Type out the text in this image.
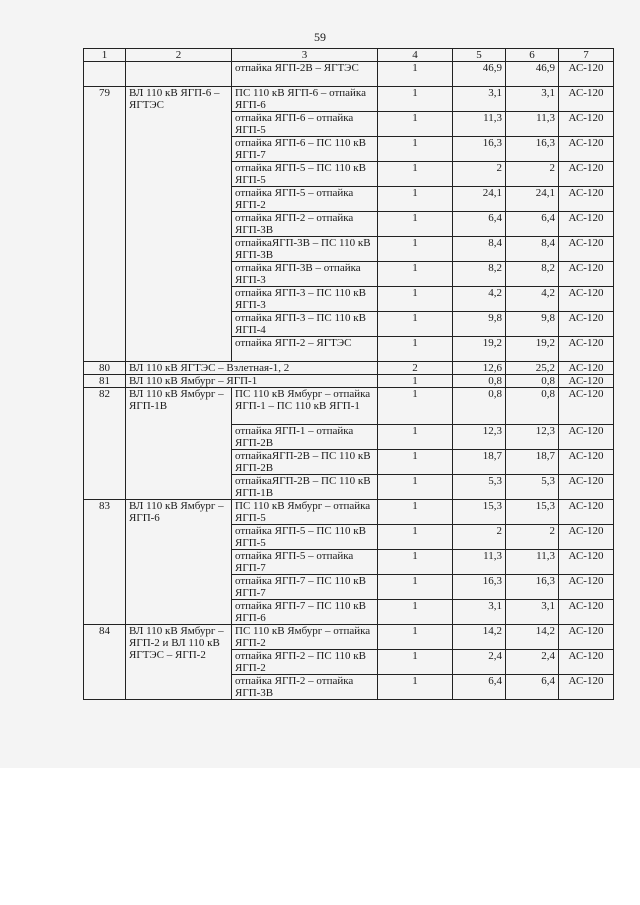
59
1	2	3	4	5	6	7
		отпайка ЯГП-2В – ЯГТЭС	1	46,9	46,9	АС-120
79	ВЛ 110 кВ ЯГП-6 – ЯГТЭС	ПС 110 кВ ЯГП-6 – отпайка ЯГП-6	1	3,1	3,1	АС-120
		отпайка ЯГП-6 – отпайка ЯГП-5	1	11,3	11,3	АС-120
		отпайка ЯГП-6 – ПС 110 кВ ЯГП-7	1	16,3	16,3	АС-120
		отпайка ЯГП-5 – ПС 110 кВ ЯГП-5	1	2	2	АС-120
		отпайка ЯГП-5 – отпайка ЯГП-2	1	24,1	24,1	АС-120
		отпайка ЯГП-2 – отпайка ЯГП-3В	1	6,4	6,4	АС-120
		отпайкаЯГП-3В – ПС 110 кВ ЯГП-3В	1	8,4	8,4	АС-120
		отпайка ЯГП-3В – отпайка ЯГП-3	1	8,2	8,2	АС-120
		отпайка ЯГП-3 – ПС 110 кВ ЯГП-3	1	4,2	4,2	АС-120
		отпайка ЯГП-3 – ПС 110 кВ ЯГП-4	1	9,8	9,8	АС-120
		отпайка ЯГП-2 – ЯГТЭС	1	19,2	19,2	АС-120
80	ВЛ 110 кВ ЯГТЭС – Взлетная-1, 2		2	12,6	25,2	АС-120
81	ВЛ 110 кВ Ямбург – ЯГП-1		1	0,8	0,8	АС-120
82	ВЛ 110 кВ Ямбург – ЯГП-1В	ПС 110 кВ Ямбург – отпайка ЯГП-1 – ПС 110 кВ ЯГП-1	1	0,8	0,8	АС-120
		отпайка ЯГП-1 – отпайка ЯГП-2В	1	12,3	12,3	АС-120
		отпайкаЯГП-2В – ПС 110 кВ ЯГП-2В	1	18,7	18,7	АС-120
		отпайкаЯГП-2В – ПС 110 кВ ЯГП-1В	1	5,3	5,3	АС-120
83	ВЛ 110 кВ Ямбург – ЯГП-6	ПС 110 кВ Ямбург – отпайка ЯГП-5	1	15,3	15,3	АС-120
		отпайка ЯГП-5 – ПС 110 кВ ЯГП-5	1	2	2	АС-120
		отпайка ЯГП-5 – отпайка ЯГП-7	1	11,3	11,3	АС-120
		отпайка ЯГП-7 – ПС 110 кВ ЯГП-7	1	16,3	16,3	АС-120
		отпайка ЯГП-7 – ПС 110 кВ ЯГП-6	1	3,1	3,1	АС-120
84	ВЛ 110 кВ Ямбург – ЯГП-2 и ВЛ 110 кВ ЯГТЭС – ЯГП-2	ПС 110 кВ Ямбург – отпайка ЯГП-2	1	14,2	14,2	АС-120
		отпайка ЯГП-2 – ПС 110 кВ ЯГП-2	1	2,4	2,4	АС-120
		отпайка ЯГП-2 – отпайка ЯГП-3В	1	6,4	6,4	АС-120
